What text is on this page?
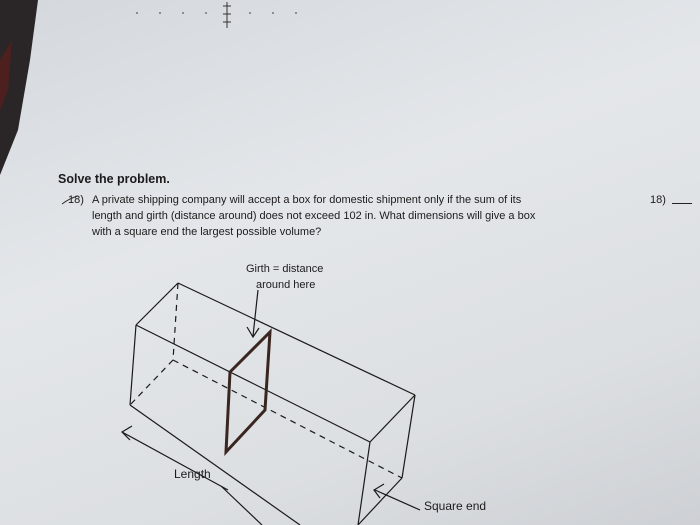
Solve the problem.
18) A private shipping company will accept a box for domestic shipment only if the sum of its
length and girth (distance around) does not exceed 102 in. What dimensions will give a box
with a square end the largest possible volume?
18)
Girth = distance
around here
Length
Square end
